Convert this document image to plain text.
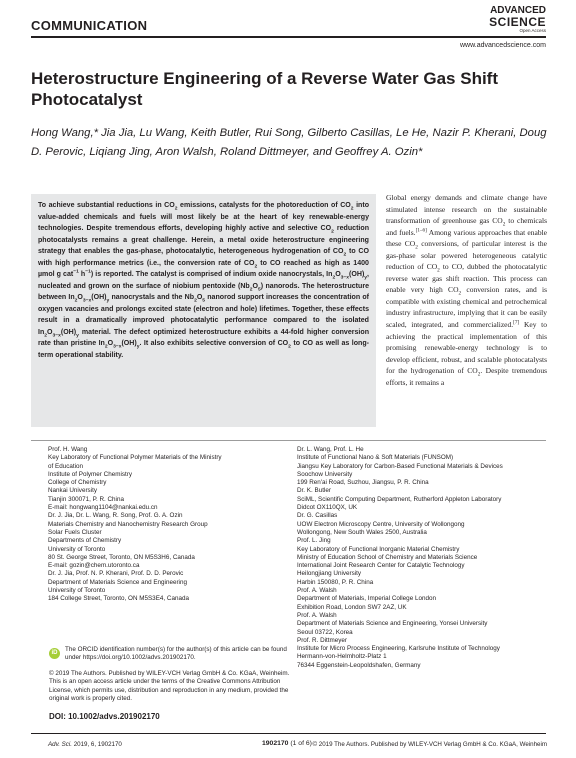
COMMUNICATION
ADVANCED
SCIENCE
Open Access
www.advancedscience.com
Heterostructure Engineering of a Reverse Water Gas Shift Photocatalyst
Hong Wang,* Jia Jia, Lu Wang, Keith Butler, Rui Song, Gilberto Casillas, Le He, Nazir P. Kherani, Doug D. Perovic, Liqiang Jing, Aron Walsh, Roland Dittmeyer, and Geoffrey A. Ozin*
To achieve substantial reductions in $CO_2$ emissions, catalysts for the photoreduction of $CO_2$ into value-added chemicals and fuels will most likely be at the heart of key renewable-energy technologies. Despite tremendous efforts, developing highly active and selective $CO_2$ reduction photocatalysts remains a great challenge. Herein, a metal oxide heterostructure engineering strategy that enables the gas-phase, photocatalytic, heterogeneous hydrogenation of $CO_2$ to CO with high performance metrics (i.e., the conversion rate of $CO_2$ to CO reached as high as 1400 µmol g cat$^{-1}$ $h^{-1}$) is reported. The catalyst is comprised of indium oxide nanocrystals, $In_2O_{3-x}(OH)_y$, nucleated and grown on the surface of niobium pentoxide $(Nb_2O_5)$ nanorods. The heterostructure between $In_2O_{3-x}(OH)_y$ nanocrystals and the $Nb_2O_5$ nanorod support increases the concentration of oxygen vacancies and prolongs excited state (electron and hole) lifetimes. Together, these effects result in a dramatically improved photocatalytic performance compared to the isolated $In_2O_{3-x}(OH)_y$ material. The defect optimized heterostructure exhibits a 44-fold higher conversion rate than pristine $In_2O_{3-x}(OH)_y$. It also exhibits selective conversion of $CO_2$ to CO as well as long-term operational stability.
Global energy demands and climate change have stimulated intense research on the sustainable transformation of greenhouse gas $CO_2$ to chemicals and fuels.[1–6] Among various approaches that enable these $CO_2$ conversions, of particular interest is the gas-phase solar powered heterogeneous catalytic reduction of $CO_2$ to CO, dubbed the photocatalytic reverse water gas shift reaction. This process can enable very high $CO_2$ conversion rates, and is compatible with existing chemical and petrochemical industry infrastructure, implying that it can be easily scaled, integrated, and commercialized.[7] Key to achieving the practical implementation of this promising renewable-energy technology is to develop efficient, robust, and scalable photocatalysts for the hydrogenation of $CO_2$. Despite tremendous efforts, it remains a
Prof. H. Wang
Key Laboratory of Functional Polymer Materials of the Ministry
of Education
Institute of Polymer Chemistry
College of Chemistry
Nankai University
Tianjin 300071, P. R. China
E-mail: hongwang1104@nankai.edu.cn
Dr. J. Jia, Dr. L. Wang, R. Song, Prof. G. A. Ozin
Materials Chemistry and Nanochemistry Research Group
Solar Fuels Cluster
Departments of Chemistry
University of Toronto
80 St. George Street, Toronto, ON M5S3H6, Canada
E-mail: gozin@chem.utoronto.ca
Dr. J. Jia, Prof. N. P. Kherani, Prof. D. D. Perovic
Department of Materials Science and Engineering
University of Toronto
184 College Street, Toronto, ON M5S3E4, Canada
Dr. L. Wang, Prof. L. He
Institute of Functional Nano & Soft Materials (FUNSOM)
Jiangsu Key Laboratory for Carbon-Based Functional Materials & Devices
Soochow University
199 Ren'ai Road, Suzhou, Jiangsu, P. R. China
Dr. K. Butler
SciML, Scientific Computing Department, Rutherford Appleton Laboratory
Didcot OX110QX, UK
Dr. G. Casillas
UOW Electron Microscopy Centre, University of Wollongong
Wollongong, New South Wales 2500, Australia
Prof. L. Jing
Key Laboratory of Functional Inorganic Material Chemistry
Ministry of Education School of Chemistry and Materials Science
International Joint Research Center for Catalytic Technology
Heilongjiang University
Harbin 150080, P. R. China
Prof. A. Walsh
Department of Materials, Imperial College London
Exhibition Road, London SW7 2AZ, UK
Prof. A. Walsh
Department of Materials Science and Engineering, Yonsei University
Seoul 03722, Korea
Prof. R. Dittmeyer
Institute for Micro Process Engineering, Karlsruhe Institute of Technology
Hermann-von-Helmholtz-Platz 1
76344 Eggenstein-Leopoldshafen, Germany
iD	The ORCID identification number(s) for the author(s) of this article can be found under https://doi.org/10.1002/advs.201902170.
© 2019 The Authors. Published by WILEY-VCH Verlag GmbH & Co. KGaA, Weinheim. This is an open access article under the terms of the Creative Commons Attribution License, which permits use, distribution and reproduction in any medium, provided the original work is properly cited.
DOI: 10.1002/advs.201902170
Adv. Sci. 2019, 6, 1902170	1902170 (1 of 6) © 2019 The Authors. Published by WILEY-VCH Verlag GmbH & Co. KGaA, Weinheim
